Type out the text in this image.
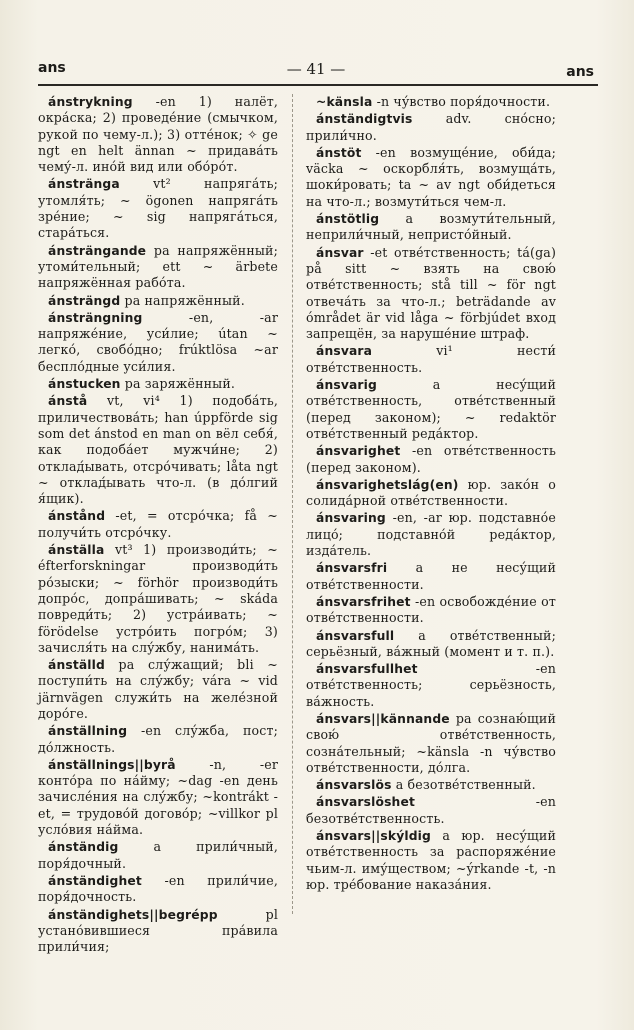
ans	— 41 —	ans

ánstrykning -en 1) налёт, окра́ска; 2) проведе́ние (смычком, рукой по чему-л.); 3) отте́нок; ✧ ge ngt en helt ännan ~ придава́ть чему́-л. ино́й вид или обо́ро́т.

ánsträngа	vt² напряга́ть; утомля́ть; ~ ögonen напряга́ть зре́ние; ~ sig напряга́ться, стара́ться.

ánsträngande pa напряжённый; утоми́тельный; ett ~ ärbete напряжённая рабо́та.

ánsträngd pa напряжённый.

ánsträngning	-en, -ar напряже́ние, уси́лие; útan ~ легко́, свобо́дно; frúktlösa ~ar беспло́дные уси́лия.

ánstucken pa заряжённый.

ánstå vt, vi⁴ 1) подоба́ть, приличествова́ть; han úppförde sig som det ánstod en man on вёл себя́, как подоба́ет мужчи́не; 2) отклад́ывать, отсро́чивать; låta ngt ~ отклад́ывать что-л. (в до́лгий я́щик).

ánstånd -et, = отсро́чка; få ~ получи́ть отсро́чку.

ánställa vt³ 1) производи́ть; ~ éfterforskningar производи́ть ро́зыски; ~ förhör производи́ть допро́с, допра́шивать; ~ skáda повреди́ть; 2) устра́ивать; ~ förödelse устро́ить погро́м; 3) зачисля́ть на слу́жбу, нанима́ть.

ánställd pa слу́жащий; bli ~ поступи́ть на слу́жбу; vára ~ vid järnvägen служи́ть на желе́зной доро́ге.

ánställning -en слу́жба, пост; до́лжность.

ánställnings||byrå	-n, -er конто́ра по на́йму; ~dag -en день зачисле́ния на слу́жбу; ~kontrákt -et, = трудово́й догово́р; ~villkor pl усло́вия на́йма.

ánständig	a прили́чный, поря́дочный.

ánständighet -en прили́чие, поря́дочность.

ánständighets||begrépp	pl устано́вившиеся пра́вила прили́чия;

~känsla -n чу́вство поря́дочности.

ánständigtvis	adv. сно́сно; прили́чно.

ánstöt -en возмуще́ние, оби́да; väcka ~ оскорбля́ть, возмуща́ть, шоки́ровать; ta ~ av ngt оби́деться на что-л.; возмути́ться чем-л.

ánstötlig a возмути́тельный, неприли́чный, непристо́йный.

ánsvar -et отве́тственность; tá(ga) på sitt ~ взять на свою́ отве́тственность; stå till ~ för ngt отвеча́ть за что-л.; beträdande av ómrådet är vid låga ~ förbjúdet вход запрещён, за наруше́ние штраф.

ánsvara	vi¹ нести́ отве́тственность.

ánsvarig	a несу́щий отве́тственность, отве́тственный (перед законом); ~ redaktör отве́тственный реда́ктор.

ánsvarighet -en отве́тственность (перед законом).

ánsvarighetslág(en) юр. зако́н о солида́рной отве́тственности.

ánsvaring -en, -ar юр. подставно́е лицо́; подставно́й реда́ктор, изда́тель.

ánsvarsfri a не несу́щий отве́тственности.

ánsvarsfrihet -en освобожде́ние от отве́тственности.

ánsvarsfull a отве́тственный; серьёзный, ва́жный (момент и т. п.).

ánsvarsfullhet	-en отве́тственность; серьёзность, ва́жность.

ánsvars||kännande pa сознаю́щий свою́ отве́тственность, созна́тельный; ~känsla -n чу́вство отве́тственности, до́лга.

ánsvarslös a безотве́тственный.

ánsvarslöshet	-en безотве́тственность.

ánsvars||skýldig a юр. несу́щий отве́тственность за распоряже́ние чьим-л. иму́ществом; ~ýrkande -t, -n юр. тре́бование наказа́ния.
